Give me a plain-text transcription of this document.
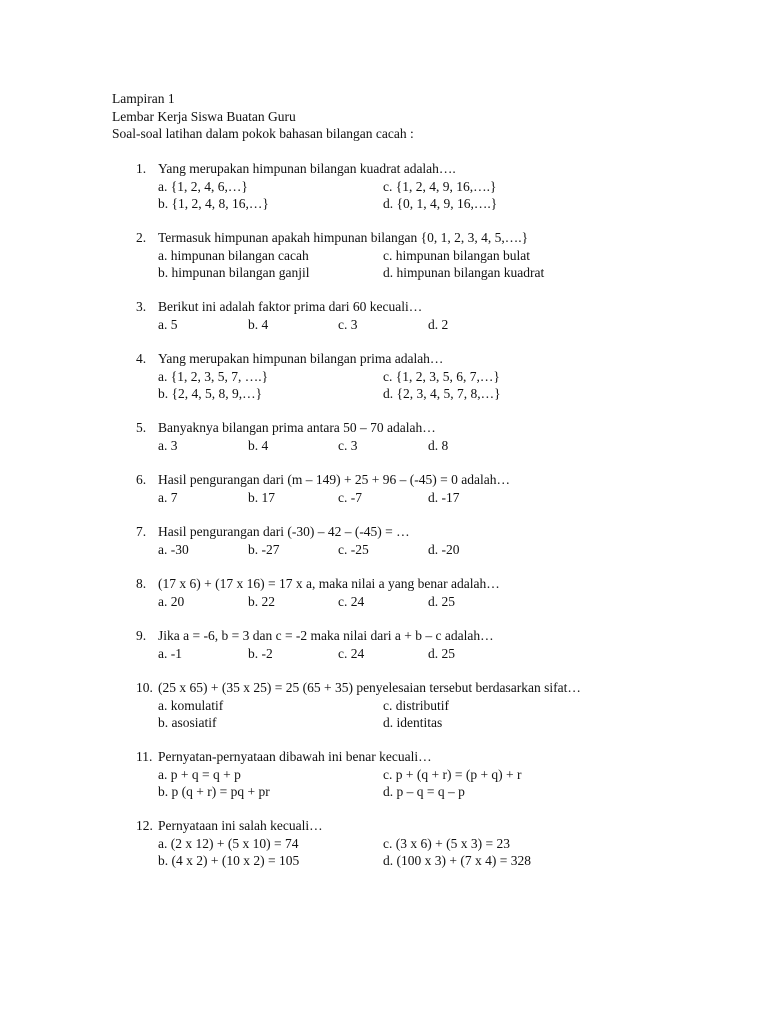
Lampiran 1
Lembar Kerja Siswa Buatan Guru
Soal-soal latihan dalam pokok bahasan bilangan cacah :
1. Yang merupakan himpunan bilangan kuadrat adalah….
a. {1, 2, 4, 6,…}	c. {1, 2, 4, 9, 16,….}
b. {1, 2, 4, 8, 16,…}	d. {0, 1, 4, 9, 16,….}
2. Termasuk himpunan apakah himpunan bilangan {0, 1, 2, 3, 4, 5,….}
a. himpunan bilangan cacah	c. himpunan bilangan bulat
b. himpunan bilangan ganjil	d. himpunan bilangan kuadrat
3. Berikut ini adalah faktor prima dari 60 kecuali…
a. 5	b. 4	c. 3	d. 2
4. Yang merupakan himpunan bilangan prima adalah…
a. {1, 2, 3, 5, 7, ….}	c. {1, 2, 3, 5, 6, 7,…}
b. {2, 4, 5, 8, 9,…}	d. {2, 3, 4, 5, 7, 8,…}
5. Banyaknya bilangan prima antara 50 – 70 adalah…
a. 3	b. 4	c. 3	d. 8
6. Hasil pengurangan dari (m – 149) + 25 + 96 – (-45) = 0 adalah…
a. 7	b. 17	c. -7	d. -17
7. Hasil pengurangan dari (-30) – 42 – (-45) = …
a. -30	b. -27	c. -25	d. -20
8. (17 x 6) + (17 x 16) = 17 x a, maka nilai a yang benar adalah…
a. 20	b. 22	c. 24	d. 25
9. Jika a = -6, b = 3 dan c = -2 maka nilai dari a + b – c adalah…
a. -1	b. -2	c. 24	d. 25
10. (25 x 65) + (35 x 25) = 25 (65 + 35) penyelesaian tersebut berdasarkan sifat…
a. komulatif	c. distributif
b. asosiatif	d. identitas
11. Pernyatan-pernyataan dibawah ini benar kecuali…
a. p + q = q + p	c. p + (q + r) = (p + q) + r
b. p (q + r) = pq + pr	d. p – q = q – p
12. Pernyataan ini salah kecuali…
a. (2 x 12) + (5 x 10) = 74	c. (3 x 6) + (5 x 3) = 23
b. (4 x 2) + (10 x 2) = 105	d. (100 x 3) + (7 x 4) = 328
